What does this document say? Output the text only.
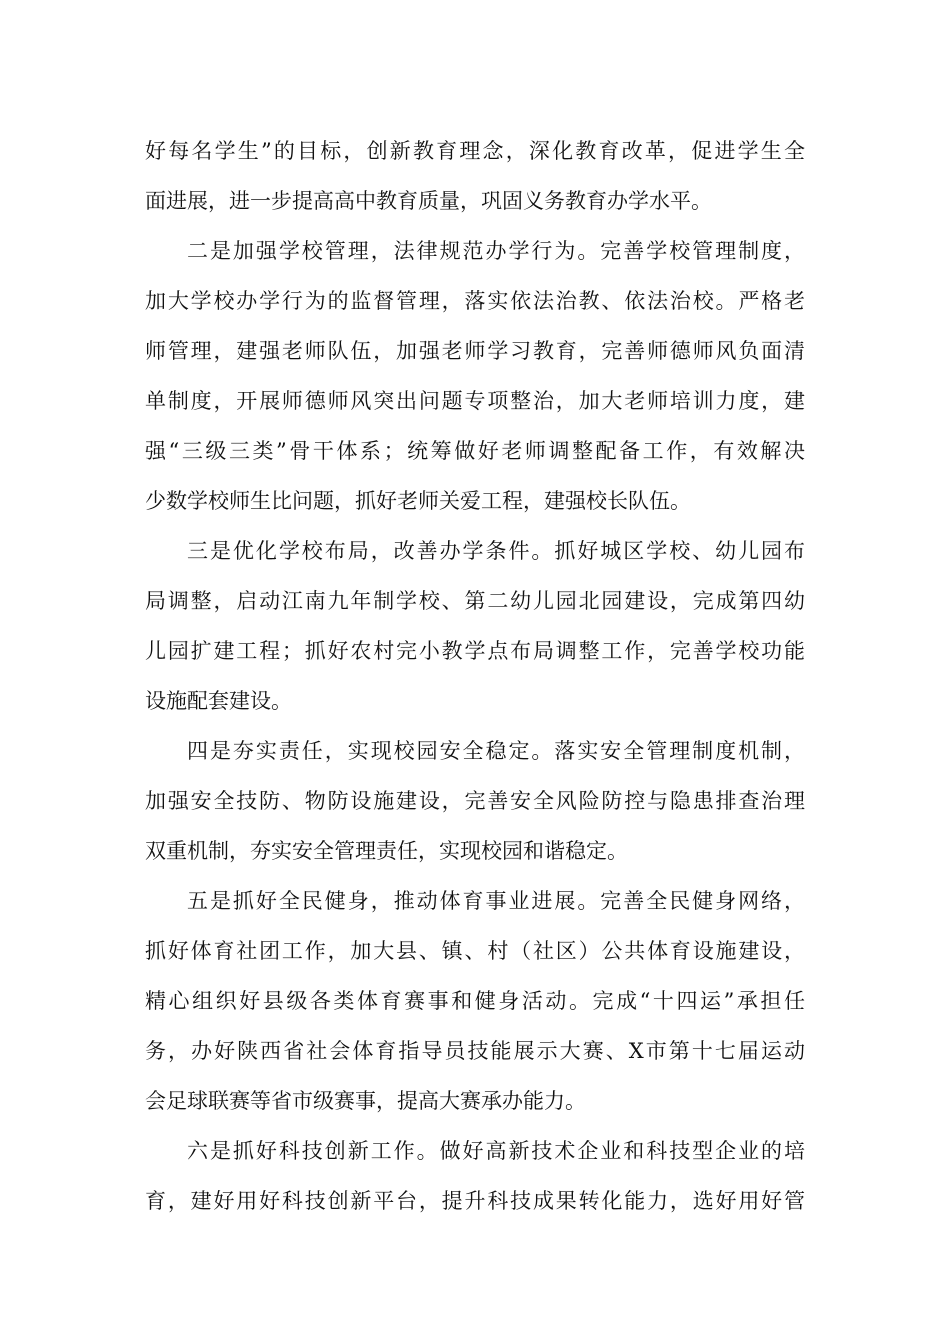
好每名学生”的目标，创新教育理念，深化教育改革，促进学生全
面进展，进一步提高高中教育质量，巩固义务教育办学水平。
二是加强学校管理，法律规范办学行为。完善学校管理制度，
加大学校办学行为的监督管理，落实依法治教、依法治校。严格老
师管理，建强老师队伍，加强老师学习教育，完善师德师风负面清
单制度，开展师德师风突出问题专项整治，加大老师培训力度，建
强“三级三类”骨干体系；统筹做好老师调整配备工作，有效解决
少数学校师生比问题，抓好老师关爱工程，建强校长队伍。
三是优化学校布局，改善办学条件。抓好城区学校、幼儿园布
局调整，启动江南九年制学校、第二幼儿园北园建设，完成第四幼
儿园扩建工程；抓好农村完小教学点布局调整工作，完善学校功能
设施配套建设。
四是夯实责任，实现校园安全稳定。落实安全管理制度机制，
加强安全技防、物防设施建设，完善安全风险防控与隐患排查治理
双重机制，夯实安全管理责任，实现校园和谐稳定。
五是抓好全民健身，推动体育事业进展。完善全民健身网络，
抓好体育社团工作，加大县、镇、村（社区）公共体育设施建设，
精心组织好县级各类体育赛事和健身活动。完成“十四运”承担任
务，办好陕西省社会体育指导员技能展示大赛、X市第十七届运动
会足球联赛等省市级赛事，提高大赛承办能力。
六是抓好科技创新工作。做好高新技术企业和科技型企业的培
育，建好用好科技创新平台，提升科技成果转化能力，选好用好管
